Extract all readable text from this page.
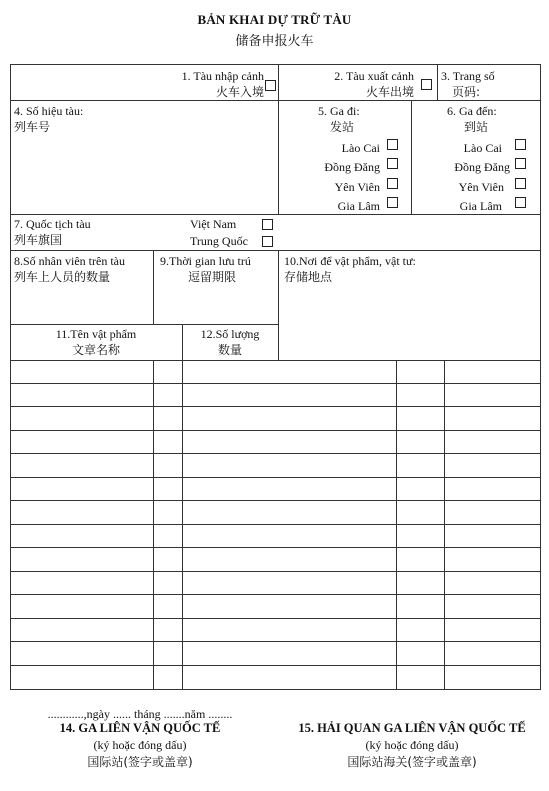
BẢN KHAI DỰ TRỮ TÀU
储备申报火车
1. Tàu nhập cảnh
火车入境
2. Tàu xuất cảnh
火车出境
3. Trang số
页码:
4. Số hiệu tàu:
列车号
5. Ga đi:
发站
Lào Cai
Đồng Đăng
Yên Viên
Gia Lâm
6. Ga đến:
到站
Lào Cai
Đồng Đăng
Yên Viên
Gia Lâm
7. Quốc tịch tàu
列车旗国
Việt Nam
Trung Quốc
8.Số nhân viên trên tàu
列车上人员的数量
9.Thời gian lưu trú
逗留期限
10.Nơi để vật phẩm, vật tư:
存储地点
11.Tên vật phẩm
文章名称
12.Số lượng
数量
............,ngày ...... tháng .......năm ........
14. GA LIÊN VẬN QUỐC TẾ
(ký hoặc đóng dấu)
国际站(签字或盖章)
15. HẢI QUAN GA LIÊN VẬN QUỐC TẾ
(ký hoặc đóng dấu)
国际站海关(签字或盖章)
